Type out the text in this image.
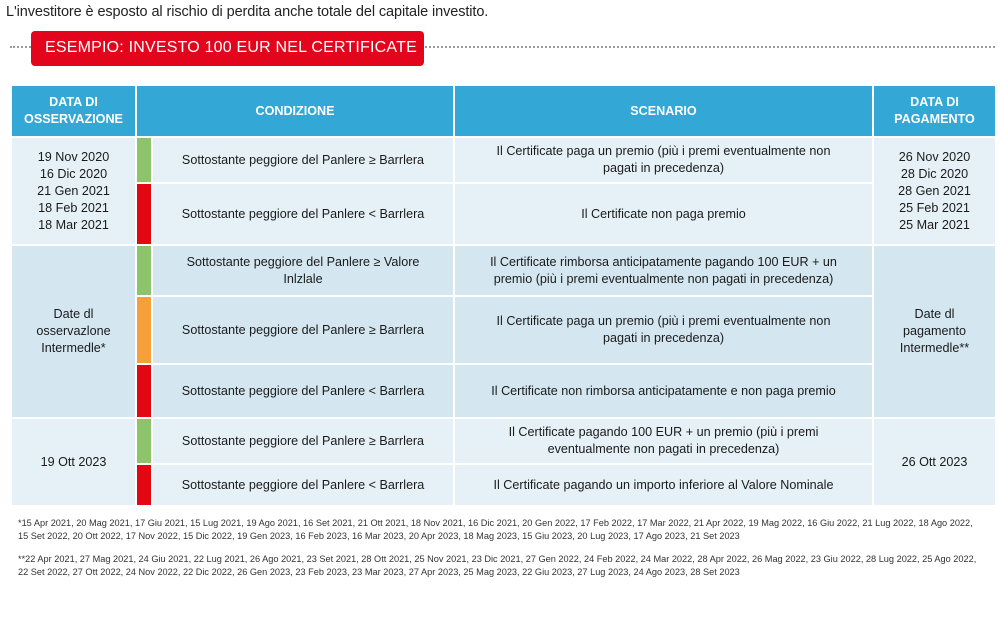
L'investitore è esposto al rischio di perdita anche totale del capitale investito.
ESEMPIO: INVESTO 100 EUR NEL CERTIFICATE
DATA DI
OSSERVAZIONE	CONDIZIONE		SCENARIO	DATA DI
PAGAMENTO
19 Nov 2020
16 Dic 2020
21 Gen 2021
18 Feb 2021
18 Mar 2021		Sottostante peggiore del Panlere ≥ Barrlera	Il Certificate paga un premio (più i premi eventualmente non
pagati in precedenza)	26 Nov 2020
28 Dic 2020
28 Gen 2021
25 Feb 2021
25 Mar 2021
		Sottostante peggiore del Panlere < Barrlera	Il Certificate non paga premio	
Date dl
osservazlone
Intermedle*		Sottostante peggiore del Panlere ≥ Valore
Inlzlale	Il Certificate rimborsa anticipatamente pagando 100 EUR + un
premio (più i premi eventualmente non pagati in precedenza)	Date dl
pagamento
Intermedle**
		Sottostante peggiore del Panlere ≥ Barrlera	Il Certificate paga un premio (più i premi eventualmente non
pagati in precedenza)	
		Sottostante peggiore del Panlere < Barrlera	Il Certificate non rimborsa anticipatamente e non paga premio	
19 Ott 2023		Sottostante peggiore del Panlere ≥ Barrlera	Il Certificate pagando 100 EUR + un premio (più i premi
eventualmente non pagati in precedenza)	26 Ott 2023
		Sottostante peggiore del Panlere < Barrlera	Il Certificate pagando un importo inferiore al Valore Nominale	

*15 Apr 2021, 20 Mag 2021, 17 Giu 2021, 15 Lug 2021, 19 Ago 2021, 16 Set 2021, 21 Ott 2021, 18 Nov 2021, 16 Dic 2021, 20 Gen 2022, 17 Feb 2022, 17 Mar 2022, 21 Apr 2022, 19 Mag 2022, 16 Giu 2022, 21 Lug 2022, 18 Ago 2022, 15 Set 2022, 20 Ott 2022, 17 Nov 2022, 15 Dic 2022, 19 Gen 2023, 16 Feb 2023, 16 Mar 2023, 20 Apr 2023, 18 Mag 2023, 15 Giu 2023, 20 Lug 2023, 17 Ago 2023, 21 Set 2023

**22 Apr 2021, 27 Mag 2021, 24 Giu 2021, 22 Lug 2021, 26 Ago 2021, 23 Set 2021, 28 Ott 2021, 25 Nov 2021, 23 Dic 2021, 27 Gen 2022, 24 Feb 2022, 24 Mar 2022, 28 Apr 2022, 26 Mag 2022, 23 Giu 2022, 28 Lug 2022, 25 Ago 2022, 22 Set 2022, 27 Ott 2022, 24 Nov 2022, 22 Dic 2022, 26 Gen 2023, 23 Feb 2023, 23 Mar 2023, 27 Apr 2023, 25 Mag 2023, 22 Giu 2023, 27 Lug 2023, 24 Ago 2023, 28 Set 2023
